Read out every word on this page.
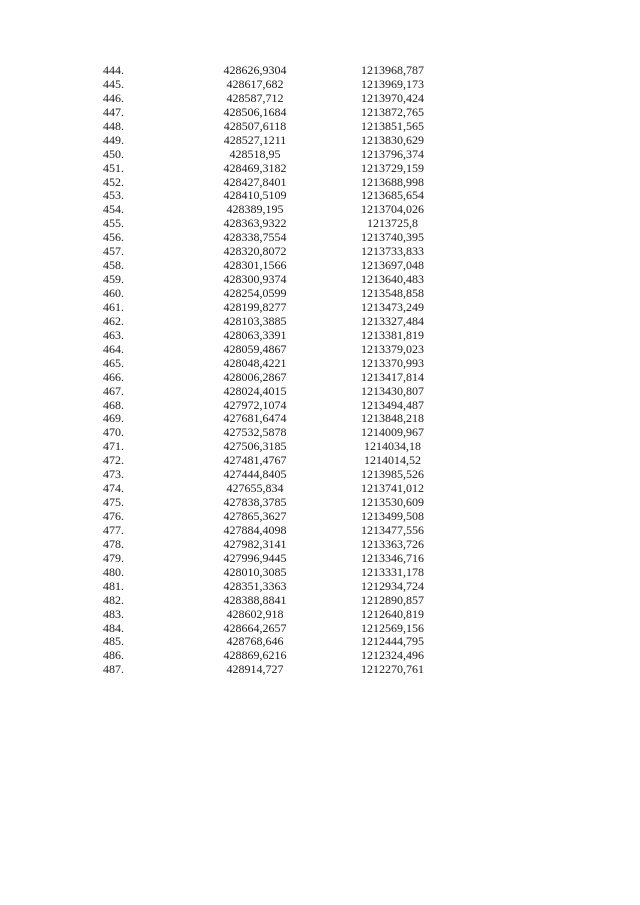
444.	428626,9304	1213968,787
445.	428617,682	1213969,173
446.	428587,712	1213970,424
447.	428506,1684	1213872,765
448.	428507,6118	1213851,565
449.	428527,1211	1213830,629
450.	428518,95	1213796,374
451.	428469,3182	1213729,159
452.	428427,8401	1213688,998
453.	428410,5109	1213685,654
454.	428389,195	1213704,026
455.	428363,9322	1213725,8
456.	428338,7554	1213740,395
457.	428320,8072	1213733,833
458.	428301,1566	1213697,048
459.	428300,9374	1213640,483
460.	428254,0599	1213548,858
461.	428199,8277	1213473,249
462.	428103,3885	1213327,484
463.	428063,3391	1213381,819
464.	428059,4867	1213379,023
465.	428048,4221	1213370,993
466.	428006,2867	1213417,814
467.	428024,4015	1213430,807
468.	427972,1074	1213494,487
469.	427681,6474	1213848,218
470.	427532,5878	1214009,967
471.	427506,3185	1214034,18
472.	427481,4767	1214014,52
473.	427444,8405	1213985,526
474.	427655,834	1213741,012
475.	427838,3785	1213530,609
476.	427865,3627	1213499,508
477.	427884,4098	1213477,556
478.	427982,3141	1213363,726
479.	427996,9445	1213346,716
480.	428010,3085	1213331,178
481.	428351,3363	1212934,724
482.	428388,8841	1212890,857
483.	428602,918	1212640,819
484.	428664,2657	1212569,156
485.	428768,646	1212444,795
486.	428869,6216	1212324,496
487.	428914,727	1212270,761
